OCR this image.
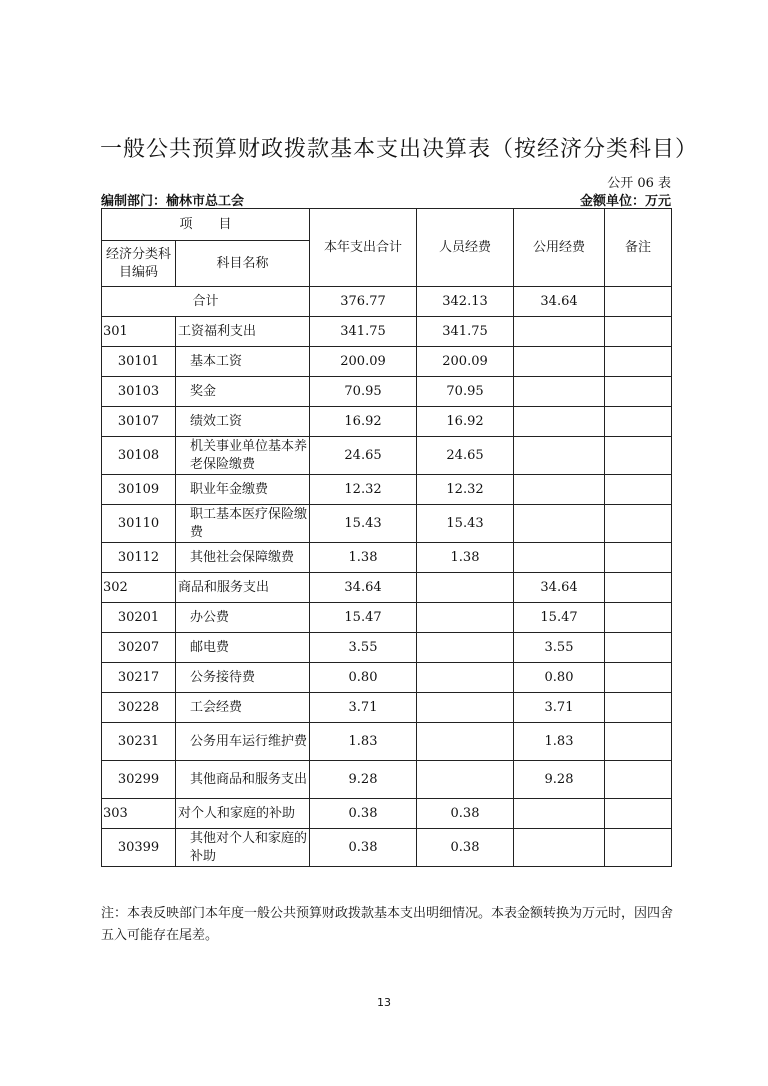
一般公共预算财政拨款基本支出决算表（按经济分类科目）
公开 06 表
编制部门：榆林市总工会	金额单位：万元
项　　目		本年支出合计	人员经费	公用经费	备注
经济分类科目编码	科目名称				
合计		376.77	342.13	34.64	
301	工资福利支出	341.75	341.75		
30101	基本工资	200.09	200.09		
30103	奖金	70.95	70.95		
30107	绩效工资	16.92	16.92		
30108	机关事业单位基本养老保险缴费	24.65	24.65		
30109	职业年金缴费	12.32	12.32		
30110	职工基本医疗保险缴费	15.43	15.43		
30112	其他社会保障缴费	1.38	1.38		
302	商品和服务支出	34.64		34.64	
30201	办公费	15.47		15.47	
30207	邮电费	3.55		3.55	
30217	公务接待费	0.80		0.80	
30228	工会经费	3.71		3.71	
30231	公务用车运行维护费	1.83		1.83	
30299	其他商品和服务支出	9.28		9.28	
303	对个人和家庭的补助	0.38	0.38		
30399	其他对个人和家庭的补助	0.38	0.38		
注：本表反映部门本年度一般公共预算财政拨款基本支出明细情况。本表金额转换为万元时，因四舍五入可能存在尾差。
13
